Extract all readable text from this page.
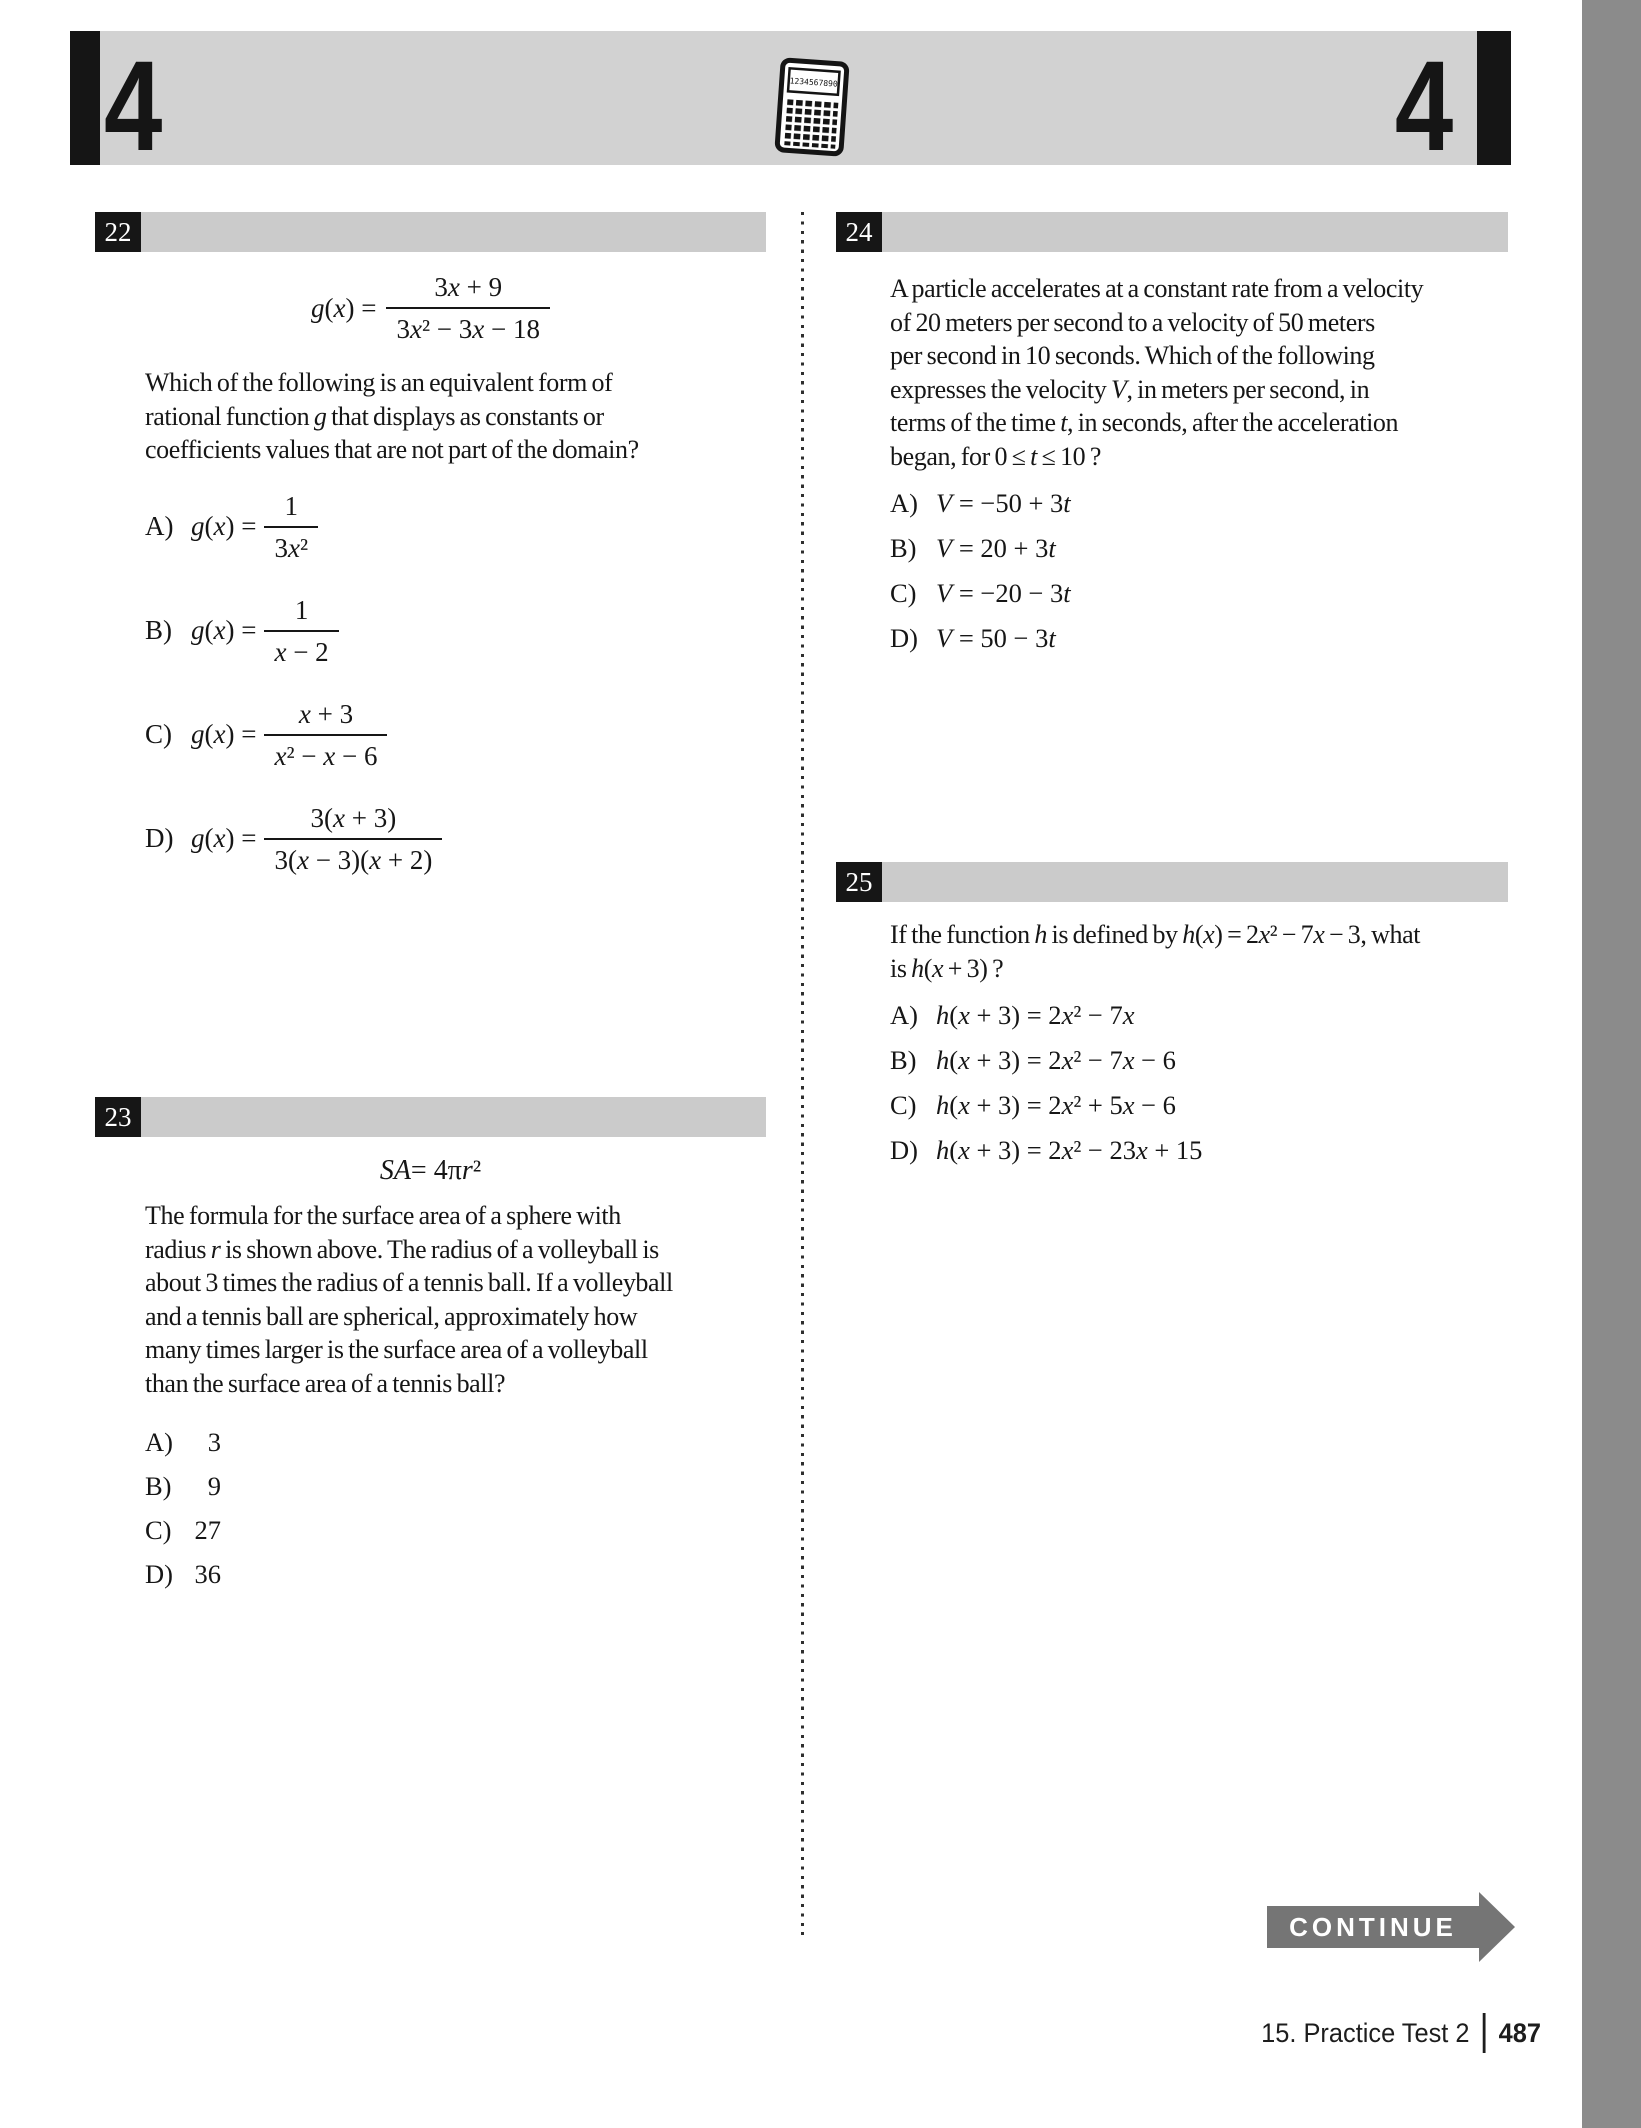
4	1234567890	4
22
$g(x) = \frac{3x + 9}{\text{3x² − 3x − 18}}$
Which of the following is an equivalent form of
rational function g that displays as constants or
coefficients values that are not part of the domain?
A) $g(x) = \frac{1}{\text{3x²}}$
B) $g(x) = \frac{1}{x - 2}$
C) $g(x) = \frac{x + 3}{\text{x² − x − 6}}$
D) $g(x) = \frac{3(x + 3)}{3(x - 3)(x + 2)}$
23
SA = 4π r ²
The formula for the surface area of a sphere with
radius r is shown above. The radius of a volleyball is
about 3 times the radius of a tennis ball. If a volleyball
and a tennis ball are spherical, approximately how
many times larger is the surface area of a volleyball
than the surface area of a tennis ball?
A)	3
B)	9
C) 27
D) 36
24
A particle accelerates at a constant rate from a velocity
of 20 meters per second to a velocity of 50 meters
per second in 10 seconds. Which of the following
expresses the velocity V, in meters per second, in
terms of the time t, in seconds, after the acceleration
began, for 0 ≤ t ≤ 10 ?
A) V = −50 + 3t
B) V = 20 + 3t
C) V = −20 − 3t
D) V = 50 − 3t
25
If the function h is defined by h(x) = 2x² − 7x − 3, what
is h(x + 3) ?
A) h(x + 3) = 2x² − 7x
B) h(x + 3) = 2x² − 7x − 6
C) h(x + 3) = 2x² + 5x − 6
D) h(x + 3) = 2x² − 23x + 15
CONTINUE
15. Practice Test 2 487
